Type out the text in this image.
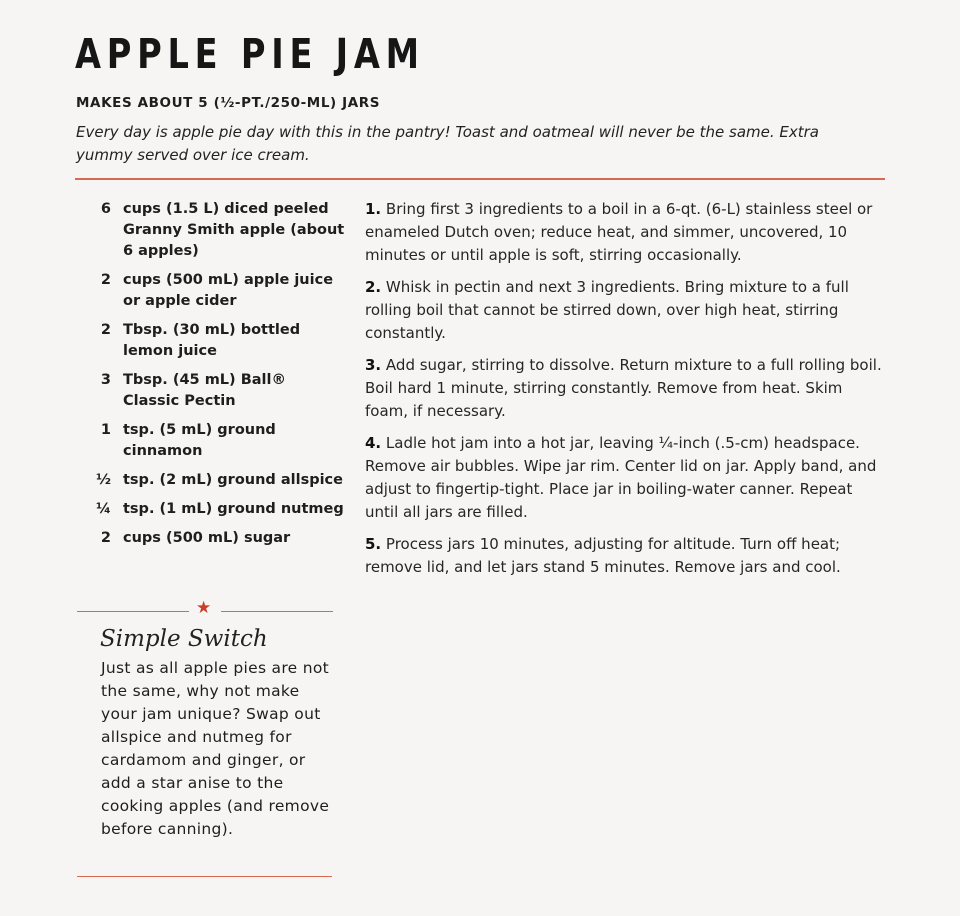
APPLE PIE JAM
MAKES ABOUT 5 (½-PT./250-ML) JARS
Every day is apple pie day with this in the pantry! Toast and oatmeal will never be the same. Extra yummy served over ice cream.
6 cups (1.5 L) diced peeled Granny Smith apple (about 6 apples)
2 cups (500 mL) apple juice or apple cider
2 Tbsp. (30 mL) bottled lemon juice
3 Tbsp. (45 mL) Ball® Classic Pectin
1 tsp. (5 mL) ground cinnamon
½ tsp. (2 mL) ground allspice
¼ tsp. (1 mL) ground nutmeg
2 cups (500 mL) sugar
★
Simple Switch
Just as all apple pies are not the same, why not make your jam unique? Swap out allspice and nutmeg for cardamom and ginger, or add a star anise to the cooking apples (and remove before canning).
1. Bring first 3 ingredients to a boil in a 6-qt. (6-L) stainless steel or enameled Dutch oven; reduce heat, and simmer, uncovered, 10 minutes or until apple is soft, stirring occasionally.
2. Whisk in pectin and next 3 ingredients. Bring mixture to a full rolling boil that cannot be stirred down, over high heat, stirring constantly.
3. Add sugar, stirring to dissolve. Return mixture to a full rolling boil. Boil hard 1 minute, stirring constantly. Remove from heat. Skim foam, if necessary.
4. Ladle hot jam into a hot jar, leaving ¼-inch (.5-cm) headspace. Remove air bubbles. Wipe jar rim. Center lid on jar. Apply band, and adjust to fingertip-tight. Place jar in boiling-water canner. Repeat until all jars are filled.
5. Process jars 10 minutes, adjusting for altitude. Turn off heat; remove lid, and let jars stand 5 minutes. Remove jars and cool.
